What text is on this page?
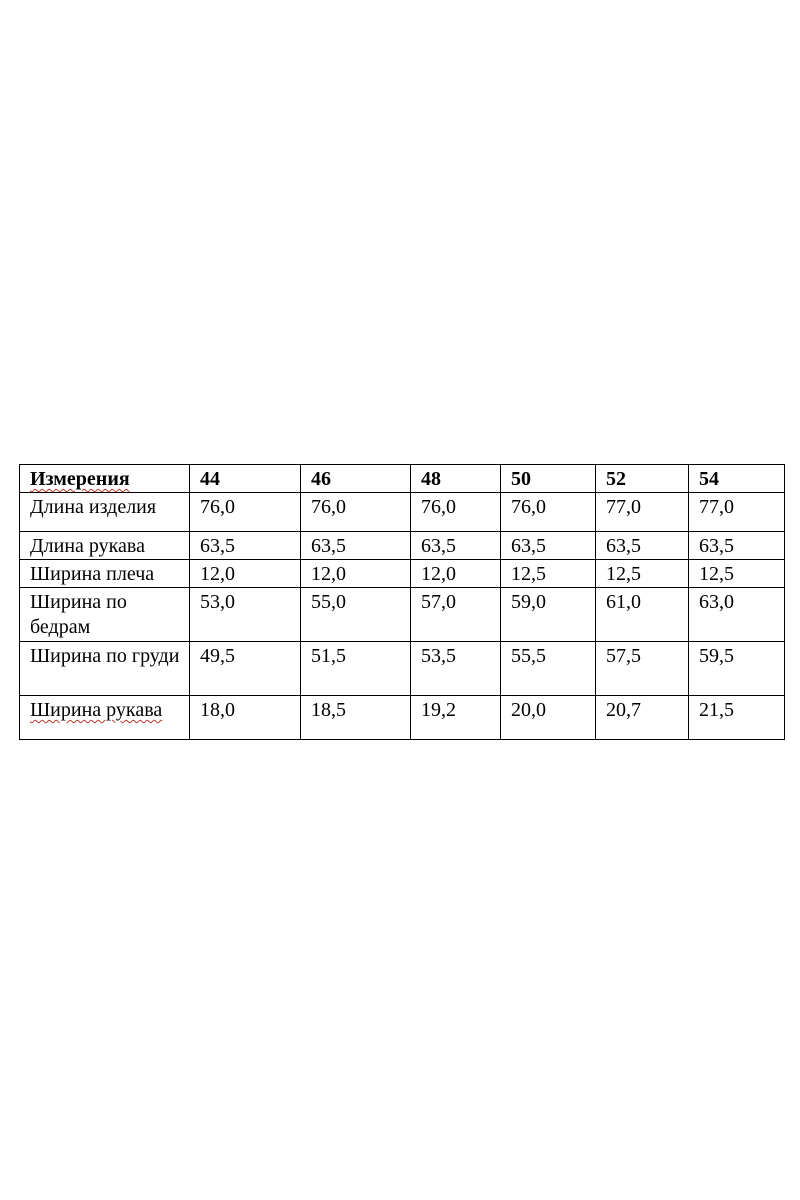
Измерения	44	46	48	50	52	54
Длина изделия	76,0	76,0	76,0	76,0	77,0	77,0
Длина рукава	63,5	63,5	63,5	63,5	63,5	63,5
Ширина плеча	12,0	12,0	12,0	12,5	12,5	12,5
Ширина по бедрам	53,0	55,0	57,0	59,0	61,0	63,0
Ширина по груди	49,5	51,5	53,5	55,5	57,5	59,5
Ширина рукава	18,0	18,5	19,2	20,0	20,7	21,5
